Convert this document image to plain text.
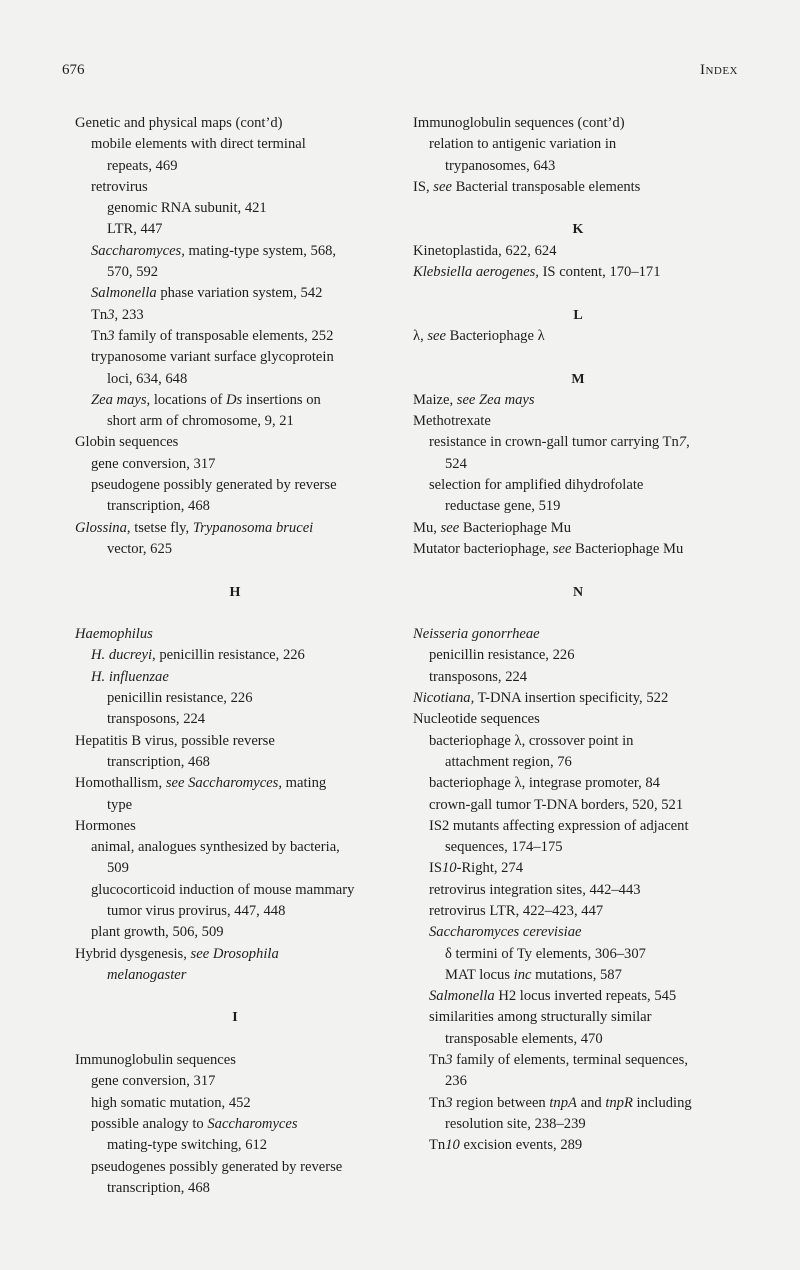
676	Index
Genetic and physical maps (cont’d)
mobile elements with direct terminal
repeats, 469
retrovirus
genomic RNA subunit, 421
LTR, 447
Saccharomyces, mating-type system, 568,
570, 592
Salmonella phase variation system, 542
Tn3, 233
Tn3 family of transposable elements, 252
trypanosome variant surface glycoprotein
loci, 634, 648
Zea mays, locations of Ds insertions on
short arm of chromosome, 9, 21
Globin sequences
gene conversion, 317
pseudogene possibly generated by reverse
transcription, 468
Glossina, tsetse fly, Trypanosoma brucei
vector, 625
H
Haemophilus
H. ducreyi, penicillin resistance, 226
H. influenzae
penicillin resistance, 226
transposons, 224
Hepatitis B virus, possible reverse
transcription, 468
Homothallism, see Saccharomyces, mating
type
Hormones
animal, analogues synthesized by bacteria,
509
glucocorticoid induction of mouse mammary
tumor virus provirus, 447, 448
plant growth, 506, 509
Hybrid dysgenesis, see Drosophila
melanogaster
I
Immunoglobulin sequences
gene conversion, 317
high somatic mutation, 452
possible analogy to Saccharomyces
mating-type switching, 612
pseudogenes possibly generated by reverse
transcription, 468
Immunoglobulin sequences (cont’d)
relation to antigenic variation in
trypanosomes, 643
IS, see Bacterial transposable elements
K
Kinetoplastida, 622, 624
Klebsiella aerogenes, IS content, 170–171
L
λ, see Bacteriophage λ
M
Maize, see Zea mays
Methotrexate
resistance in crown-gall tumor carrying Tn7,
524
selection for amplified dihydrofolate
reductase gene, 519
Mu, see Bacteriophage Mu
Mutator bacteriophage, see Bacteriophage Mu
N
Neisseria gonorrheae
penicillin resistance, 226
transposons, 224
Nicotiana, T-DNA insertion specificity, 522
Nucleotide sequences
bacteriophage λ, crossover point in
attachment region, 76
bacteriophage λ, integrase promoter, 84
crown-gall tumor T-DNA borders, 520, 521
IS2 mutants affecting expression of adjacent
sequences, 174–175
IS10-Right, 274
retrovirus integration sites, 442–443
retrovirus LTR, 422–423, 447
Saccharomyces cerevisiae
δ termini of Ty elements, 306–307
MAT locus inc mutations, 587
Salmonella H2 locus inverted repeats, 545
similarities among structurally similar
transposable elements, 470
Tn3 family of elements, terminal sequences,
236
Tn3 region between tnpA and tnpR including
resolution site, 238–239
Tn10 excision events, 289
